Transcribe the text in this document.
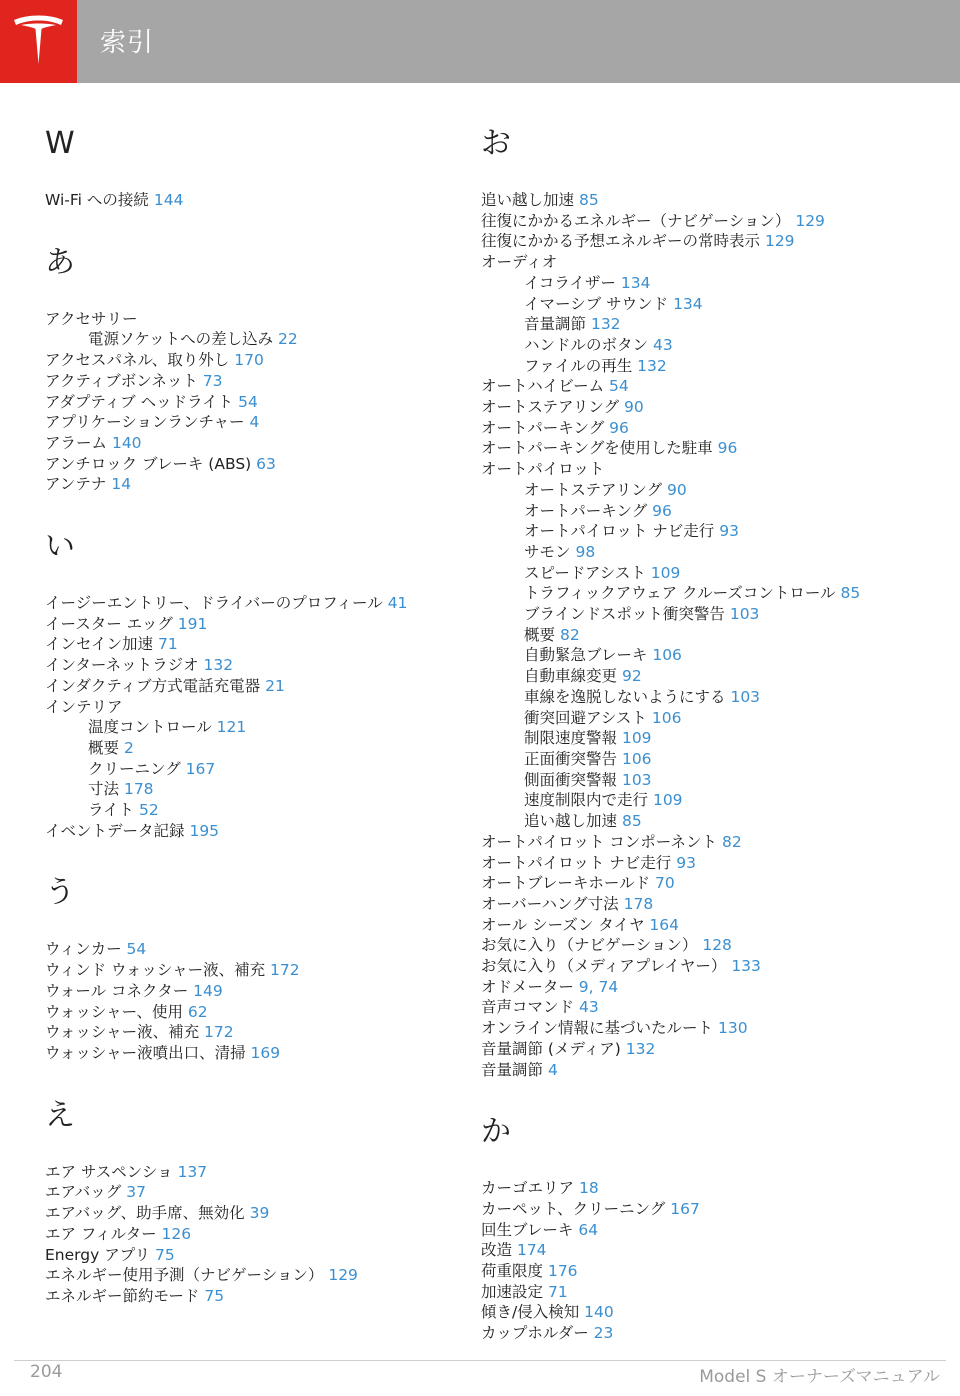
索引
W
Wi-Fi への接続 144
あ
アクセサリー
電源ソケットへの差し込み 22
アクセスパネル、取り外し 170
アクティブボンネット 73
アダプティブ ヘッドライト 54
アプリケーションランチャー 4
アラーム 140
アンチロック ブレーキ (ABS) 63
アンテナ 14
い
イージーエントリー、ドライバーのプロフィール 41
イースター エッグ 191
インセイン加速 71
インターネットラジオ 132
インダクティブ方式電話充電器 21
インテリア
温度コントロール 121
概要 2
クリーニング 167
寸法 178
ライト 52
イベントデータ記録 195
う
ウィンカー 54
ウィンド ウォッシャー液、補充 172
ウォール コネクター 149
ウォッシャー、使用 62
ウォッシャー液、補充 172
ウォッシャー液噴出口、清掃 169
え
エア サスペンショ 137
エアバッグ 37
エアバッグ、助手席、無効化 39
エア フィルター 126
Energy アプリ 75
エネルギー使用予測（ナビゲーション） 129
エネルギー節約モード 75
お
追い越し加速 85
往復にかかるエネルギー（ナビゲーション） 129
往復にかかる予想エネルギーの常時表示 129
オーディオ
イコライザー 134
イマーシブ サウンド 134
音量調節 132
ハンドルのボタン 43
ファイルの再生 132
オートハイビーム 54
オートステアリング 90
オートパーキング 96
オートパーキングを使用した駐車 96
オートパイロット
オートステアリング 90
オートパーキング 96
オートパイロット ナビ走行 93
サモン 98
スピードアシスト 109
トラフィックアウェア クルーズコントロール 85
ブラインドスポット衝突警告 103
概要 82
自動緊急ブレーキ 106
自動車線変更 92
車線を逸脱しないようにする 103
衝突回避アシスト 106
制限速度警報 109
正面衝突警告 106
側面衝突警報 103
速度制限内で走行 109
追い越し加速 85
オートパイロット コンポーネント 82
オートパイロット ナビ走行 93
オートブレーキホールド 70
オーバーハング寸法 178
オール シーズン タイヤ 164
お気に入り（ナビゲーション） 128
お気に入り（メディアプレイヤー） 133
オドメーター 9, 74
音声コマンド 43
オンライン情報に基づいたルート 130
音量調節 (メディア) 132
音量調節 4
か
カーゴエリア 18
カーペット、クリーニング 167
回生ブレーキ 64
改造 174
荷重限度 176
加速設定 71
傾き/侵入検知 140
カップホルダー 23
204	Model S オーナーズマニュアル
